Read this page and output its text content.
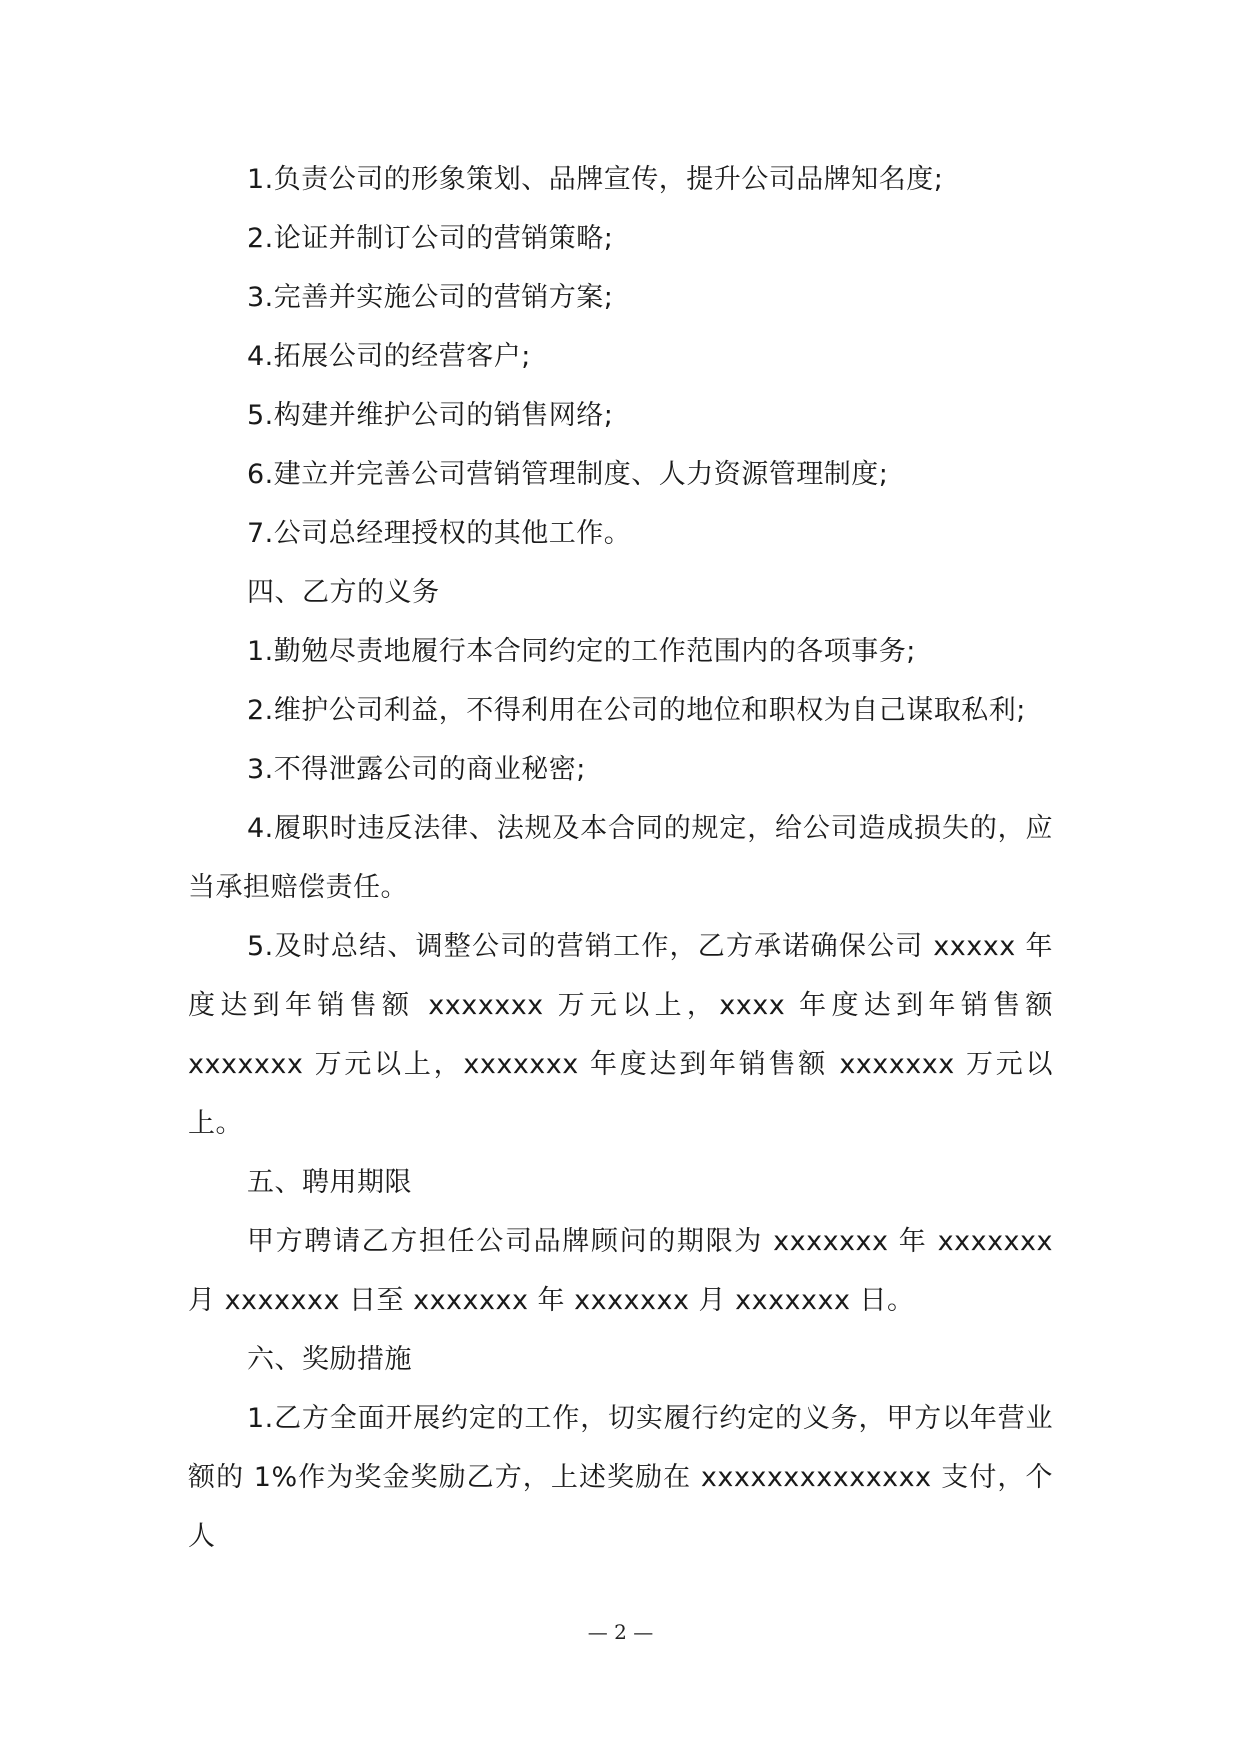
1.负责公司的形象策划、品牌宣传，提升公司品牌知名度;

2.论证并制订公司的营销策略;

3.完善并实施公司的营销方案;

4.拓展公司的经营客户;

5.构建并维护公司的销售网络;

6.建立并完善公司营销管理制度、人力资源管理制度;

7.公司总经理授权的其他工作。

四、乙方的义务

1.勤勉尽责地履行本合同约定的工作范围内的各项事务;

2.维护公司利益，不得利用在公司的地位和职权为自己谋取私利;

3.不得泄露公司的商业秘密;

4.履职时违反法律、法规及本合同的规定，给公司造成损失的，应当承担赔偿责任。

5.及时总结、调整公司的营销工作，乙方承诺确保公司 xxxxx 年度达到年销售额 xxxxxxx 万元以上，xxxx 年度达到年销售额 xxxxxxx 万元以上，xxxxxxx 年度达到年销售额 xxxxxxx 万元以上。

五、聘用期限

甲方聘请乙方担任公司品牌顾问的期限为 xxxxxxx 年 xxxxxxx 月 xxxxxxx 日至 xxxxxxx 年 xxxxxxx 月 xxxxxxx 日。

六、奖励措施

1.乙方全面开展约定的工作，切实履行约定的义务，甲方以年营业额的 1%作为奖金奖励乙方，上述奖励在 xxxxxxxxxxxxxx 支付，个人

— 2 —
